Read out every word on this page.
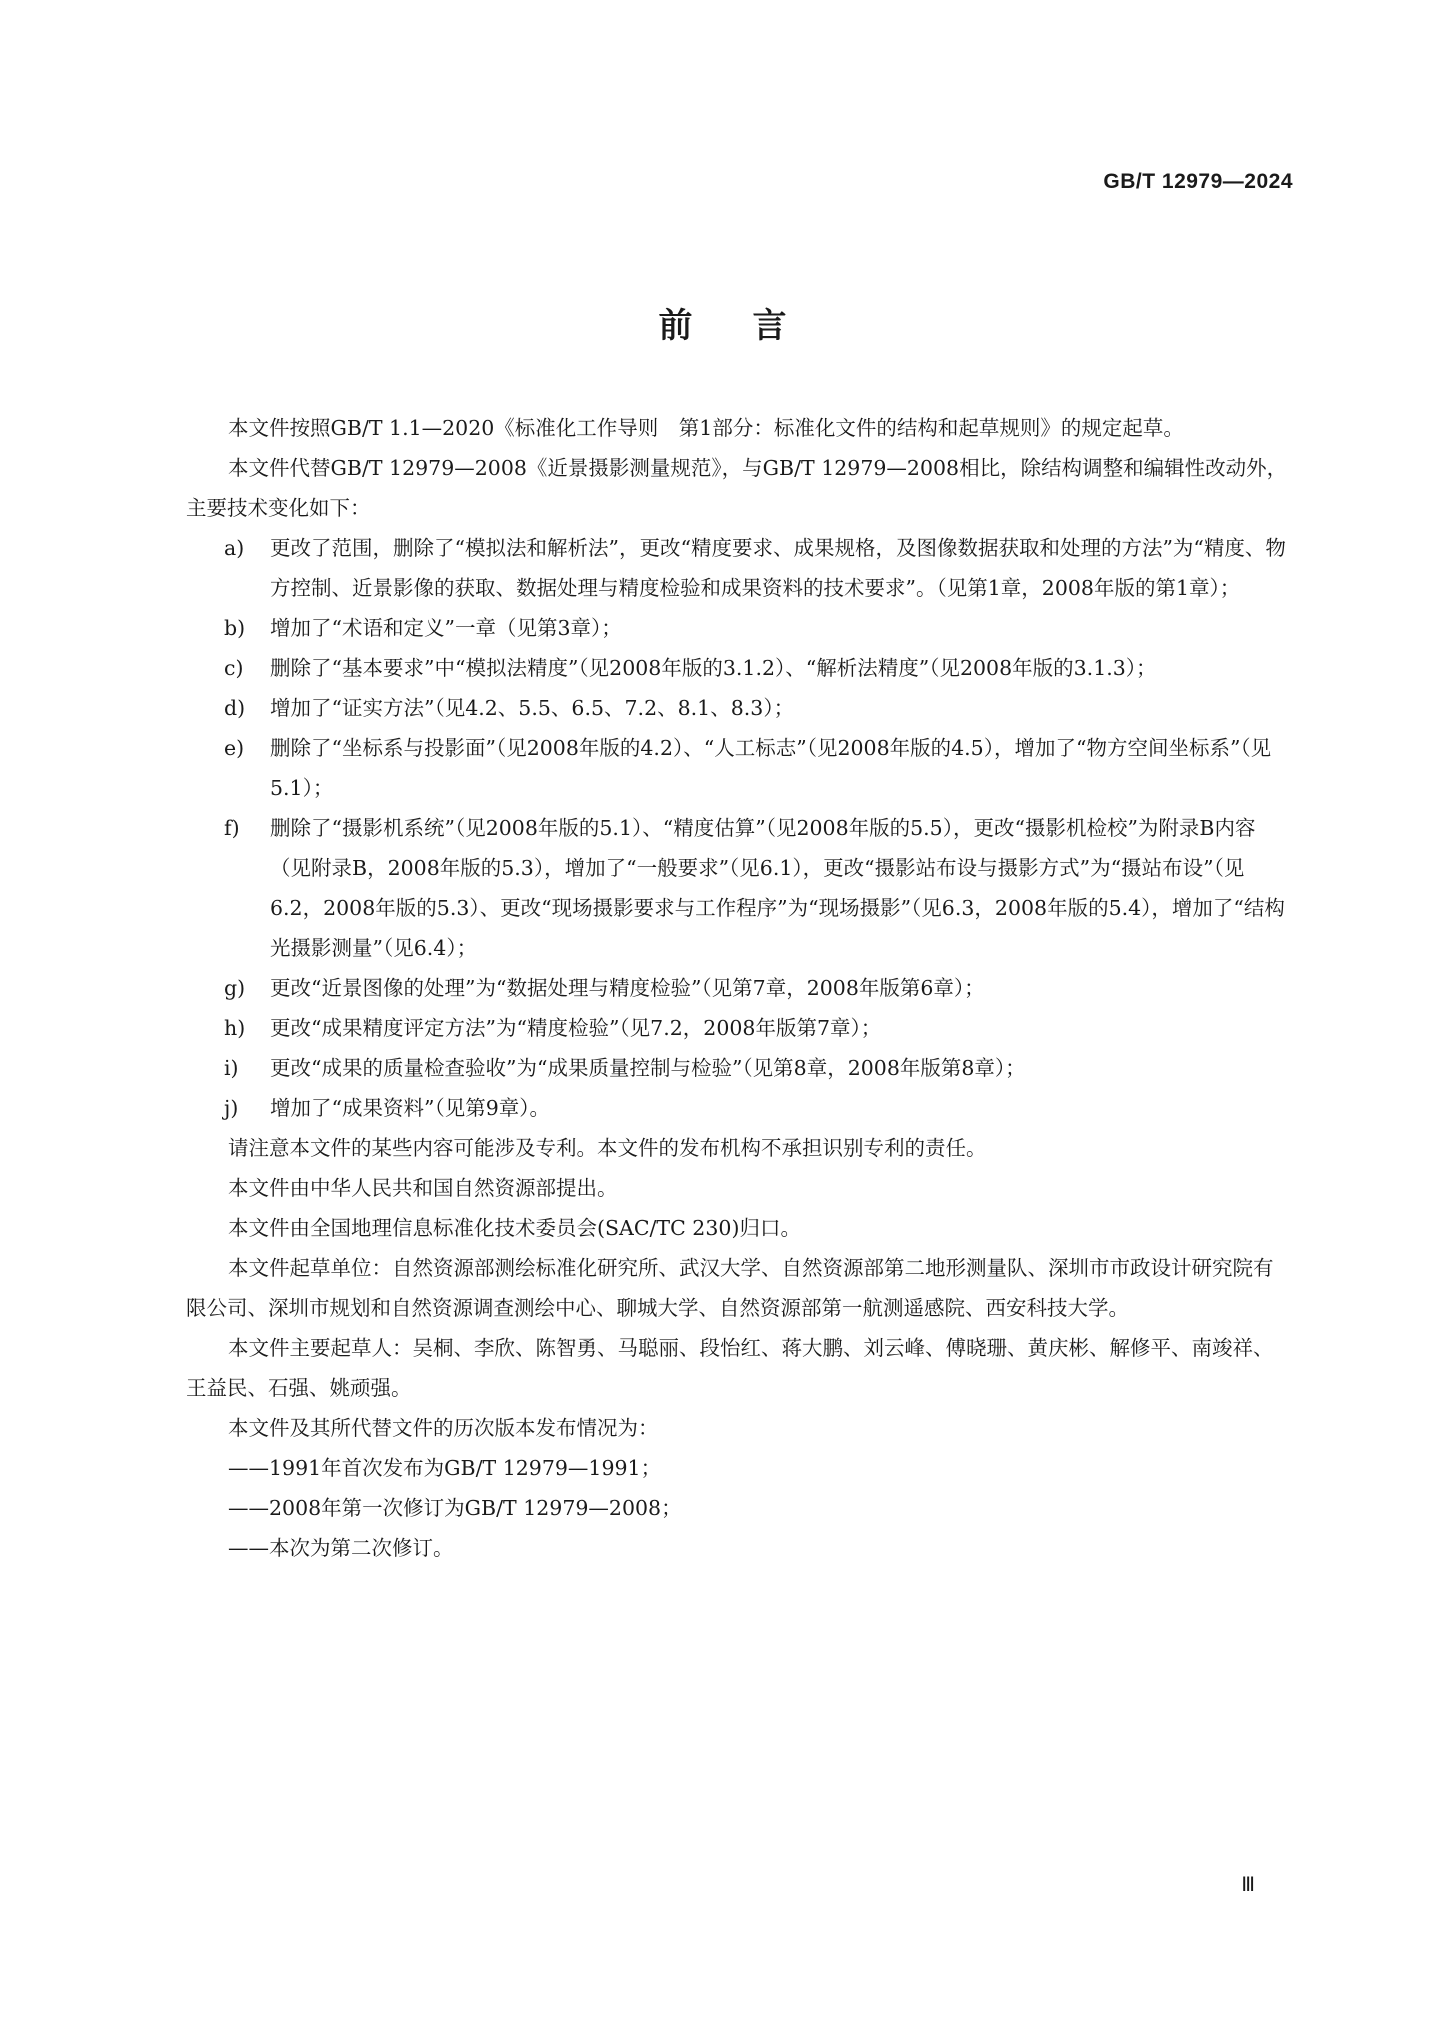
GB/T 12979—2024
前 言
本文件按照GB/T 1.1—2020《标准化工作导则　第1部分：标准化文件的结构和起草规则》的规定起草。
本文件代替GB/T 12979—2008《近景摄影测量规范》，与GB/T 12979—2008相比，除结构调整和编辑性改动外，主要技术变化如下：
a) 更改了范围，删除了“模拟法和解析法”，更改“精度要求、成果规格，及图像数据获取和处理的方法”为“精度、物方控制、近景影像的获取、数据处理与精度检验和成果资料的技术要求”。（见第1章，2008年版的第1章）；
b) 增加了“术语和定义”一章（见第3章）；
c) 删除了“基本要求”中“模拟法精度”（见2008年版的3.1.2）、“解析法精度”（见2008年版的3.1.3）；
d) 增加了“证实方法”（见4.2、5.5、6.5、7.2、8.1、8.3）；
e) 删除了“坐标系与投影面”（见2008年版的4.2）、“人工标志”（见2008年版的4.5），增加了“物方空间坐标系”（见5.1）；
f) 删除了“摄影机系统”（见2008年版的5.1）、“精度估算”（见2008年版的5.5），更改“摄影机检校”为附录B内容（见附录B，2008年版的5.3），增加了“一般要求”（见6.1），更改“摄影站布设与摄影方式”为“摄站布设”（见6.2，2008年版的5.3）、更改“现场摄影要求与工作程序”为“现场摄影”（见6.3，2008年版的5.4），增加了“结构光摄影测量”（见6.4）；
g) 更改“近景图像的处理”为“数据处理与精度检验”（见第7章，2008年版第6章）；
h) 更改“成果精度评定方法”为“精度检验”（见7.2，2008年版第7章）；
i) 更改“成果的质量检查验收”为“成果质量控制与检验”（见第8章，2008年版第8章）；
j) 增加了“成果资料”（见第9章）。
请注意本文件的某些内容可能涉及专利。本文件的发布机构不承担识别专利的责任。
本文件由中华人民共和国自然资源部提出。
本文件由全国地理信息标准化技术委员会(SAC/TC 230)归口。
本文件起草单位：自然资源部测绘标准化研究所、武汉大学、自然资源部第二地形测量队、深圳市市政设计研究院有限公司、深圳市规划和自然资源调查测绘中心、聊城大学、自然资源部第一航测遥感院、西安科技大学。
本文件主要起草人：吴桐、李欣、陈智勇、马聪丽、段怡红、蒋大鹏、刘云峰、傅晓珊、黄庆彬、解修平、南竣祥、王益民、石强、姚顽强。
本文件及其所代替文件的历次版本发布情况为：
——1991年首次发布为GB/T 12979—1991；
——2008年第一次修订为GB/T 12979—2008；
——本次为第二次修订。
Ⅲ
